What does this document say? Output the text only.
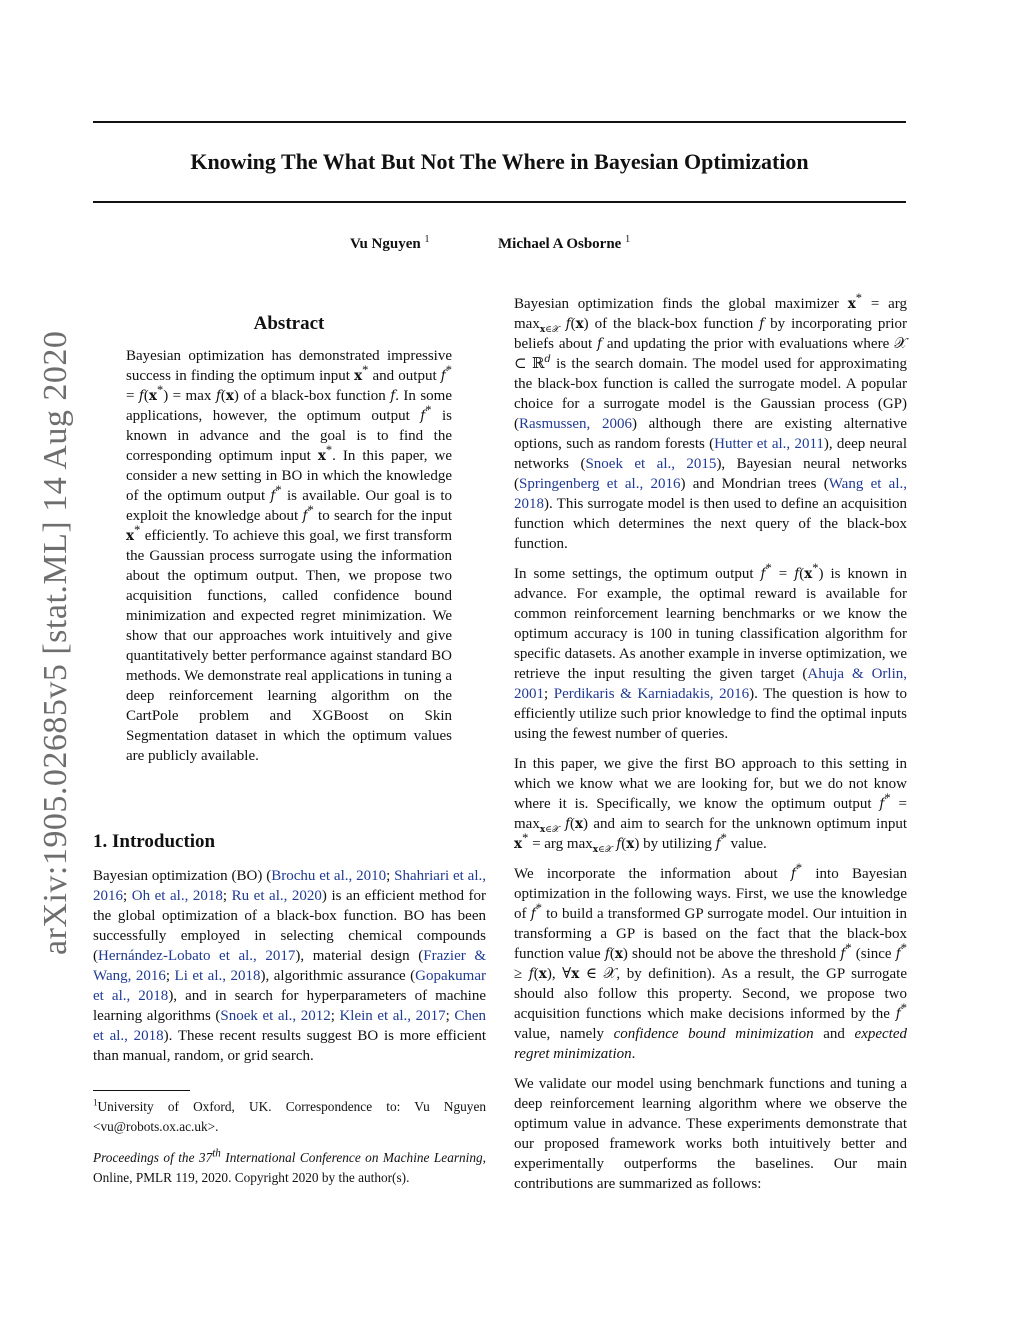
Knowing The What But Not The Where in Bayesian Optimization
Vu Nguyen $^1$	Michael A Osborne $^1$
arXiv:1905.02685v5 [stat.ML] 14 Aug 2020
Abstract

Bayesian optimization has demonstrated impressive success in finding the optimum input x* and output f* = f(x*) = max f(x) of a black-box function f. In some applications, however, the optimum output f* is known in advance and the goal is to find the corresponding optimum input x*. In this paper, we consider a new setting in BO in which the knowledge of the optimum output f* is available. Our goal is to exploit the knowledge about f* to search for the input x* efficiently. To achieve this goal, we first transform the Gaussian process surrogate using the information about the optimum output. Then, we propose two acquisition functions, called confidence bound minimization and expected regret minimization. We show that our approaches work intuitively and give quantitatively better performance against standard BO methods. We demonstrate real applications in tuning a deep reinforcement learning algorithm on the CartPole problem and XGBoost on Skin Segmentation dataset in which the optimum values are publicly available.

1. Introduction

Bayesian optimization (BO) (Brochu et al., 2010; Shahriari et al., 2016; Oh et al., 2018; Ru et al., 2020) is an efficient method for the global optimization of a black-box function. BO has been successfully employed in selecting chemical compounds (Hernández-Lobato et al., 2017), material design (Frazier & Wang, 2016; Li et al., 2018), algorithmic assurance (Gopakumar et al., 2018), and in search for hyperparameters of machine learning algorithms (Snoek et al., 2012; Klein et al., 2017; Chen et al., 2018). These recent results suggest BO is more efficient than manual, random, or grid search.

$^1$University of Oxford, UK. Correspondence to: Vu Nguyen <vu@robots.ox.ac.uk>.
Proceedings of the 37th International Conference on Machine Learning, Online, PMLR 119, 2020. Copyright 2020 by the author(s).

Bayesian optimization finds the global maximizer x* = arg $\max_{x\in 𝒳} f(x)$ of the black-box function f by incorporating prior beliefs about f and updating the prior with evaluations where 𝒳 ⊂ ℝ$^d$ is the search domain. The model used for approximating the black-box function is called the surrogate model. A popular choice for a surrogate model is the Gaussian process (GP) (Rasmussen, 2006) although there are existing alternative options, such as random forests (Hutter et al., 2011), deep neural networks (Snoek et al., 2015), Bayesian neural networks (Springenberg et al., 2016) and Mondrian trees (Wang et al., 2018). This surrogate model is then used to define an acquisition function which determines the next query of the black-box function.

In some settings, the optimum output f* = f(x*) is known in advance. For example, the optimal reward is available for common reinforcement learning benchmarks or we know the optimum accuracy is 100 in tuning classification algorithm for specific datasets. As another example in inverse optimization, we retrieve the input resulting the given target (Ahuja & Orlin, 2001; Perdikaris & Karniadakis, 2016). The question is how to efficiently utilize such prior knowledge to find the optimal inputs using the fewest number of queries.

In this paper, we give the first BO approach to this setting in which we know what we are looking for, but we do not know where it is. Specifically, we know the optimum output $f^* = \max_{x\in 𝒳} f(x)$ and aim to search for the unknown optimum input x* = arg $\max_{x\in 𝒳} f(x)$ by utilizing f* value.

We incorporate the information about f* into Bayesian optimization in the following ways. First, we use the knowledge of f* to build a transformed GP surrogate model. Our intuition in transforming a GP is based on the fact that the black-box function value f(x) should not be above the threshold f* (since f* ≥ f(x), ∀x ∈ 𝒳, by definition). As a result, the GP surrogate should also follow this property. Second, we propose two acquisition functions which make decisions informed by the f* value, namely confidence bound minimization and expected regret minimization.

We validate our model using benchmark functions and tuning a deep reinforcement learning algorithm where we observe the optimum value in advance. These experiments demonstrate that our proposed framework works both intuitively better and experimentally outperforms the baselines. Our main contributions are summarized as follows:
